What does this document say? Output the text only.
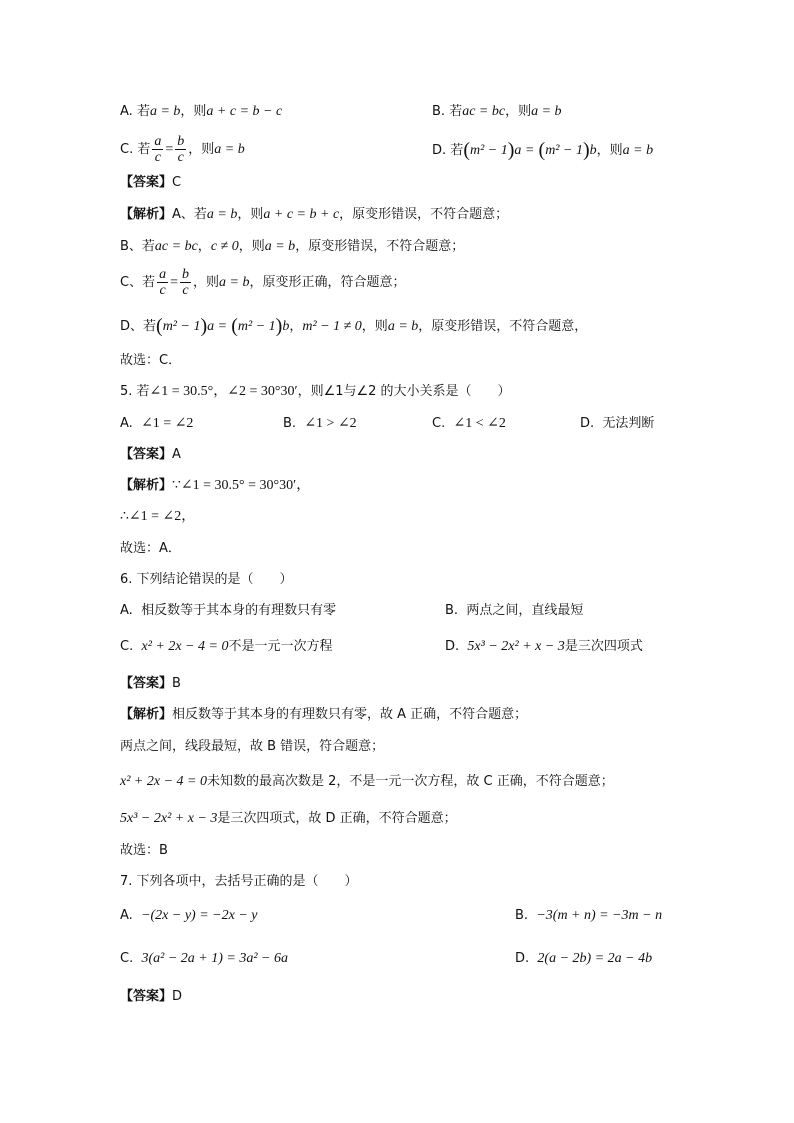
A. 若a = b，则a + c = b − c	B. 若ac = bc，则a = b
C. 若 $\frac{a}{c} = \frac{b}{c}$ ，则a = b	D. 若(m² − 1)a = (m² − 1)b，则a = b
【答案】C
【解析】A、若a = b，则a + c = b + c，原变形错误，不符合题意；
B、若ac = bc，c ≠ 0，则a = b，原变形错误，不符合题意；
C、若 $\frac{a}{c} = \frac{b}{c}$ ，则a = b，原变形正确，符合题意；
D、若(m² − 1)a = (m² − 1)b，m² − 1 ≠ 0，则a = b，原变形错误，不符合题意，
故选：C．
5. 若∠1 = 30.5°，∠2 = 30°30′，则∠1与∠2 的大小关系是（　　）
A. ∠1 = ∠2	B. ∠1 > ∠2	C. ∠1 < ∠2	D. 无法判断
【答案】A
【解析】∵∠1 = 30.5° = 30°30′，
∴∠1 = ∠2，
故选：A．
6. 下列结论错误的是（　　）
A. 相反数等于其本身的有理数只有零	B. 两点之间，直线最短
C. x² + 2x − 4 = 0不是一元一次方程	D. 5x³ − 2x² + x − 3是三次四项式
【答案】B
【解析】相反数等于其本身的有理数只有零，故 A 正确，不符合题意；
两点之间，线段最短，故 B 错误，符合题意；
x² + 2x − 4 = 0未知数的最高次数是 2，不是一元一次方程，故 C 正确，不符合题意；
5x³ − 2x² + x − 3是三次四项式，故 D 正确，不符合题意；
故选：B
7. 下列各项中，去括号正确的是（　　）
A. −(2x − y) = −2x − y	B. −3(m + n) = −3m − n
C. 3(a² − 2a + 1) = 3a² − 6a	D. 2(a − 2b) = 2a − 4b
【答案】D
